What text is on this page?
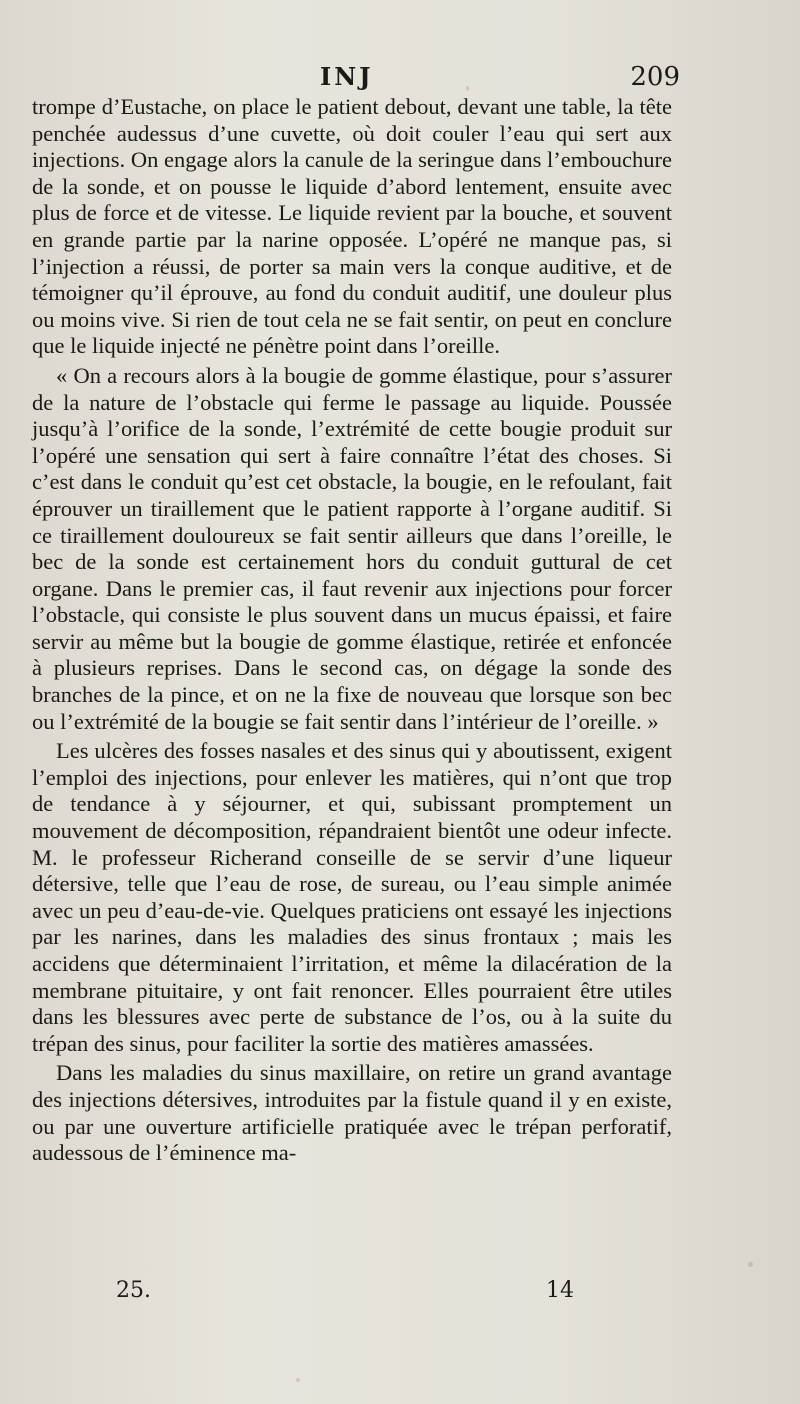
INJ	209

trompe d’Eustache, on place le patient debout, devant une table, la tête penchée audessus d’une cuvette, où doit couler l’eau qui sert aux injections. On engage alors la canule de la seringue dans l’embouchure de la sonde, et on pousse le liquide d’abord lentement, ensuite avec plus de force et de vitesse. Le liquide revient par la bouche, et souvent en grande partie par la narine opposée. L’opéré ne manque pas, si l’injection a réussi, de porter sa main vers la conque auditive, et de témoigner qu’il éprouve, au fond du conduit auditif, une douleur plus ou moins vive. Si rien de tout cela ne se fait sentir, on peut en conclure que le liquide injecté ne pénètre point dans l’oreille.

« On a recours alors à la bougie de gomme élastique, pour s’assurer de la nature de l’obstacle qui ferme le passage au liquide. Poussée jusqu’à l’orifice de la sonde, l’extrémité de cette bougie produit sur l’opéré une sensation qui sert à faire connaître l’état des choses. Si c’est dans le conduit qu’est cet obstacle, la bougie, en le refoulant, fait éprouver un tiraillement que le patient rapporte à l’organe auditif. Si ce tiraillement douloureux se fait sentir ailleurs que dans l’oreille, le bec de la sonde est certainement hors du conduit guttural de cet organe. Dans le premier cas, il faut revenir aux injections pour forcer l’obstacle, qui consiste le plus souvent dans un mucus épaissi, et faire servir au même but la bougie de gomme élastique, retirée et enfoncée à plusieurs reprises. Dans le second cas, on dégage la sonde des branches de la pince, et on ne la fixe de nouveau que lorsque son bec ou l’extrémité de la bougie se fait sentir dans l’intérieur de l’oreille. »

Les ulcères des fosses nasales et des sinus qui y aboutissent, exigent l’emploi des injections, pour enlever les matières, qui n’ont que trop de tendance à y séjourner, et qui, subissant promptement un mouvement de décomposition, répandraient bientôt une odeur infecte. M. le professeur Richerand conseille de se servir d’une liqueur détersive, telle que l’eau de rose, de sureau, ou l’eau simple animée avec un peu d’eau-de-vie. Quelques praticiens ont essayé les injections par les narines, dans les maladies des sinus frontaux ; mais les accidens que déterminaient l’irritation, et même la dilacération de la membrane pituitaire, y ont fait renoncer. Elles pourraient être utiles dans les blessures avec perte de substance de l’os, ou à la suite du trépan des sinus, pour faciliter la sortie des matières amassées.

Dans les maladies du sinus maxillaire, on retire un grand avantage des injections détersives, introduites par la fistule quand il y en existe, ou par une ouverture artificielle pratiquée avec le trépan perforatif, audessous de l’éminence ma-

25.	14
